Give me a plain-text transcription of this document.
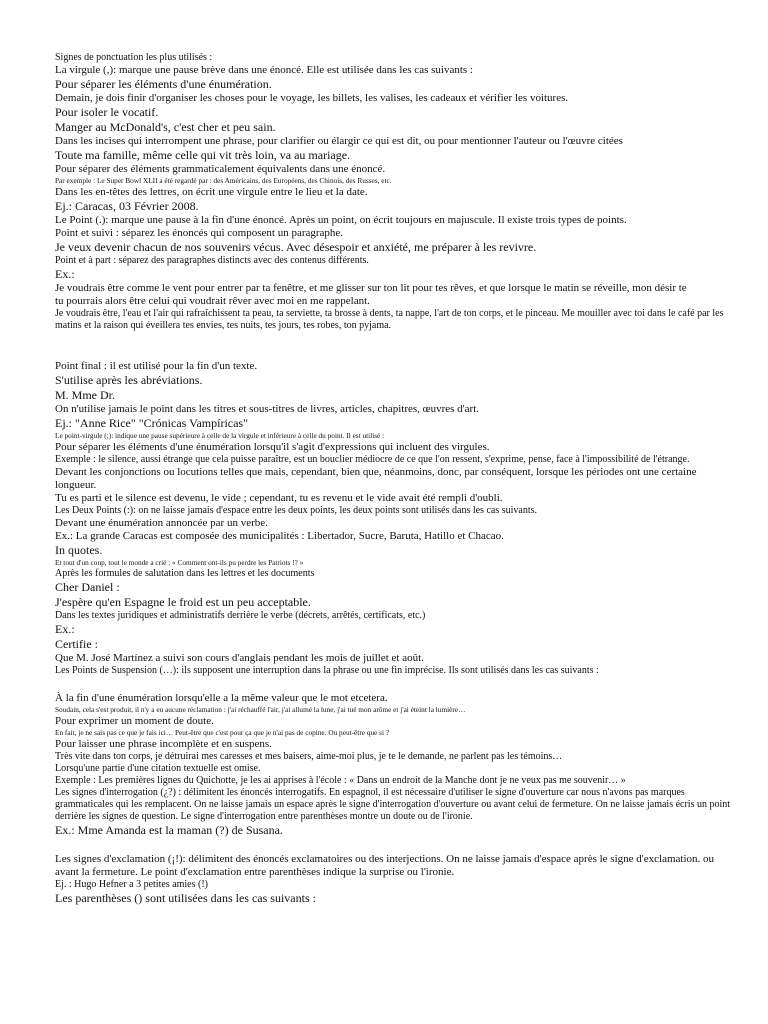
Signes de ponctuation les plus utilisés :
La virgule (,): marque une pause brève dans une énoncé. Elle est utilisée dans les cas suivants :
Pour séparer les éléments d'une énumération.
Demain, je dois finir d'organiser les choses pour le voyage, les billets, les valises, les cadeaux et vérifier les voitures.
Pour isoler le vocatif.
Manger au McDonald's, c'est cher et peu sain.
Dans les incises qui interrompent une phrase, pour clarifier ou élargir ce qui est dit, ou pour mentionner l'auteur ou l'œuvre citées
Toute ma famille, même celle qui vit très loin, va au mariage.
Pour séparer des éléments grammaticalement équivalents dans une énoncé.
Par exemple : Le Super Bowl XLII a été regardé par : des Américains, des Européens, des Chinois, des Russes, etc.
Dans les en-têtes des lettres, on écrit une virgule entre le lieu et la date.
Ej.: Caracas, 03 Février 2008.
Le Point (.): marque une pause à la fin d'une énoncé. Après un point, on écrit toujours en majuscule. Il existe trois types de points.
Point et suivi : séparez les énoncés qui composent un paragraphe.
Je veux devenir chacun de nos souvenirs vécus. Avec désespoir et anxiété, me préparer à les revivre.
Point et à part : séparez des paragraphes distincts avec des contenus différents.
Ex.:
Je voudrais être comme le vent pour entrer par ta fenêtre, et me glisser sur ton lit pour tes rêves, et que lorsque le matin se réveille, mon désir te
tu pourrais alors être celui qui voudrait rêver avec moi en me rappelant.
Je voudrais être, l'eau et l'air qui rafraîchissent ta peau, ta serviette, ta brosse à dents, ta nappe, l'art de ton corps, et le pinceau. Me mouiller avec toi dans le café par les matins et la raison qui éveillera tes envies, tes nuits, tes jours, tes robes, ton pyjama.
Point final : il est utilisé pour la fin d'un texte.
S'utilise après les abréviations.
M. Mme Dr.
On n'utilise jamais le point dans les titres et sous-titres de livres, articles, chapitres, œuvres d'art.
Ej.: "Anne Rice" "Crónicas Vampíricas"
Le point-virgule (;): indique une pause supérieure à celle de la virgule et inférieure à celle du point. Il est utilisé :
Pour séparer les éléments d'une énumération lorsqu'il s'agit d'expressions qui incluent des virgules.
Exemple : le silence, aussi étrange que cela puisse paraître, est un bouclier médiocre de ce que l'on ressent, s'exprime, pense, face à l'impossibilité de l'étrange.
Devant les conjonctions ou locutions telles que mais, cependant, bien que, néanmoins, donc, par conséquent, lorsque les périodes ont une certaine longueur.
Tu es parti et le silence est devenu, le vide ; cependant, tu es revenu et le vide avait été rempli d'oubli.
Les Deux Points (:): on ne laisse jamais d'espace entre les deux points, les deux points sont utilisés dans les cas suivants.
Devant une énumération annoncée par un verbe.
Ex.: La grande Caracas est composée des municipalités : Libertador, Sucre, Baruta, Hatillo et Chacao.
In quotes.
Et tout d'un coup, tout le monde a crié : « Comment ont-ils pu perdre les Patriots !? »
Après les formules de salutation dans les lettres et les documents
Cher Daniel :
J'espère qu'en Espagne le froid est un peu acceptable.
Dans les textes juridiques et administratifs derrière le verbe (décrets, arrêtés, certificats, etc.)
Ex.:
Certifie :
Que M. José Martínez a suivi son cours d'anglais pendant les mois de juillet et août.
Les Points de Suspension (…): ils supposent une interruption dans la phrase ou une fin imprécise. Ils sont utilisés dans les cas suivants :
À la fin d'une énumération lorsqu'elle a la même valeur que le mot etcetera.
Soudain, cela s'est produit, il n'y a eu aucune réclamation : j'ai réchauffé l'air, j'ai allumé la lune, j'ai tué mon arôme et j'ai éteint la lumière…
Pour exprimer un moment de doute.
En fait, je ne sais pas ce que je fais ici… Peut-être que c'est pour ça que je n'ai pas de copine. Ou peut-être que si ?
Pour laisser une phrase incomplète et en suspens.
Très vite dans ton corps, je détruirai mes caresses et mes baisers, aime-moi plus, je te le demande, ne parlent pas les témoins…
Lorsqu'une partie d'une citation textuelle est omise.
Exemple : Les premières lignes du Quichotte, je les ai apprises à l'école : « Dans un endroit de la Manche dont je ne veux pas me souvenir… »
Les signes d'interrogation (¿?) : délimitent les énoncés interrogatifs. En espagnol, il est nécessaire d'utiliser le signe d'ouverture car nous n'avons pas marques grammaticales qui les remplacent. On ne laisse jamais un espace après le signe d'interrogation d'ouverture ou avant celui de fermeture. On ne laisse jamais écris un point derrière les signes de question. Le signe d'interrogation entre parenthèses montre un doute ou de l'ironie.
Ex.: Mme Amanda est la maman (?) de Susana.
Les signes d'exclamation (¡!): délimitent des énoncés exclamatoires ou des interjections. On ne laisse jamais d'espace après le signe d'exclamation. ou avant la fermeture. Le point d'exclamation entre parenthèses indique la surprise ou l'ironie.
Ej. : Hugo Hefner a 3 petites amies (!)
Les parenthèses () sont utilisées dans les cas suivants :
